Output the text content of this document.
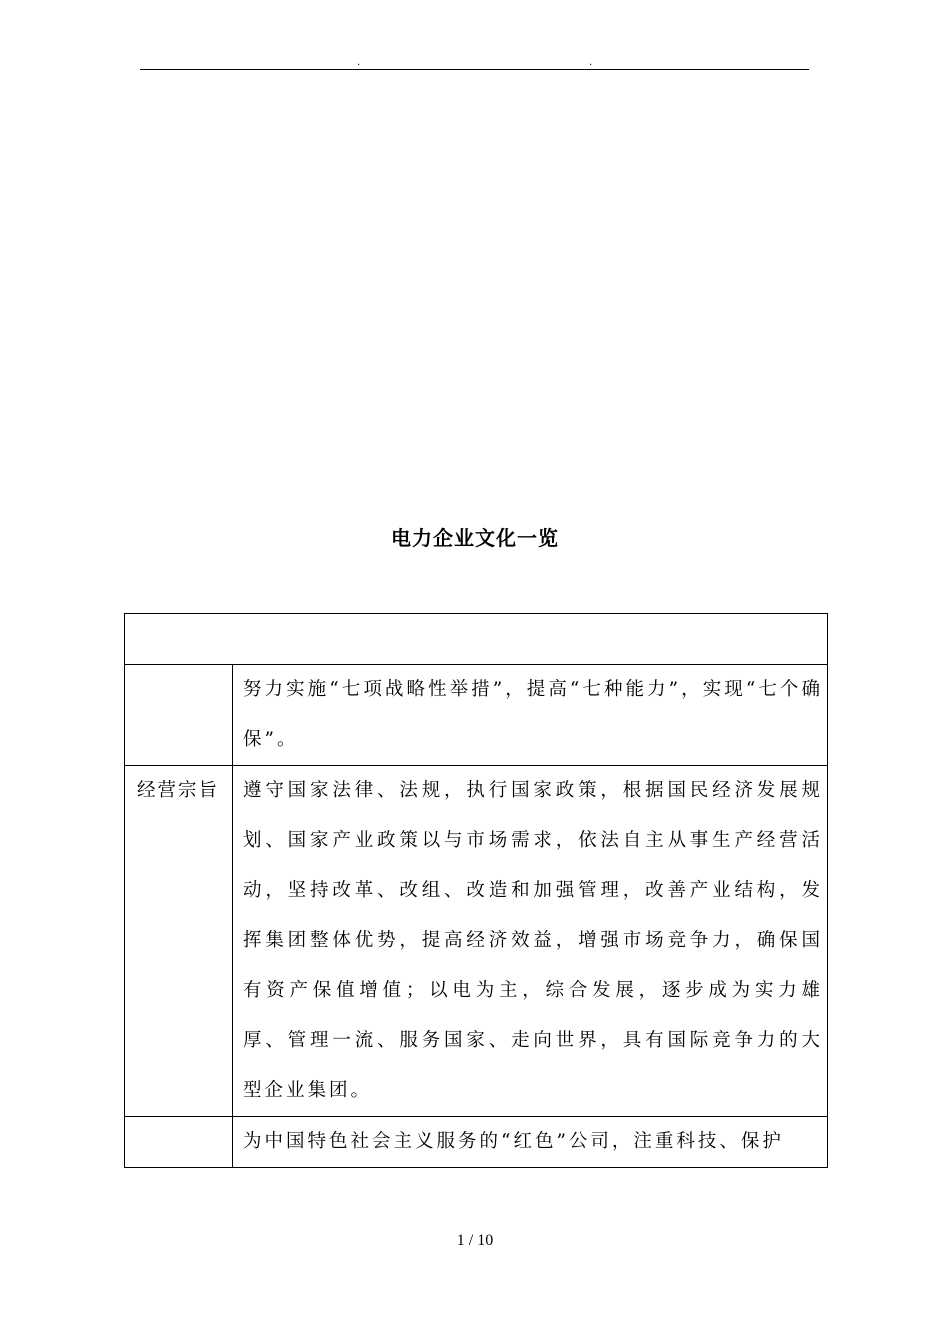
.	.
电力企业文化一览

	努力实施“七项战略性举措”，提高“七种能力”，实现“七个确保”。
经营宗旨	遵守国家法律、法规，执行国家政策，根据国民经济发展规划、国家产业政策以与市场需求，依法自主从事生产经营活动，坚持改革、改组、改造和加强管理，改善产业结构，发挥集团整体优势，提高经济效益，增强市场竞争力，确保国有资产保值增值；以电为主，综合发展，逐步成为实力雄厚、管理一流、服务国家、走向世界，具有国际竞争力的大型企业集团。
	为中国特色社会主义服务的“红色”公司，注重科技、保护
1 / 10
